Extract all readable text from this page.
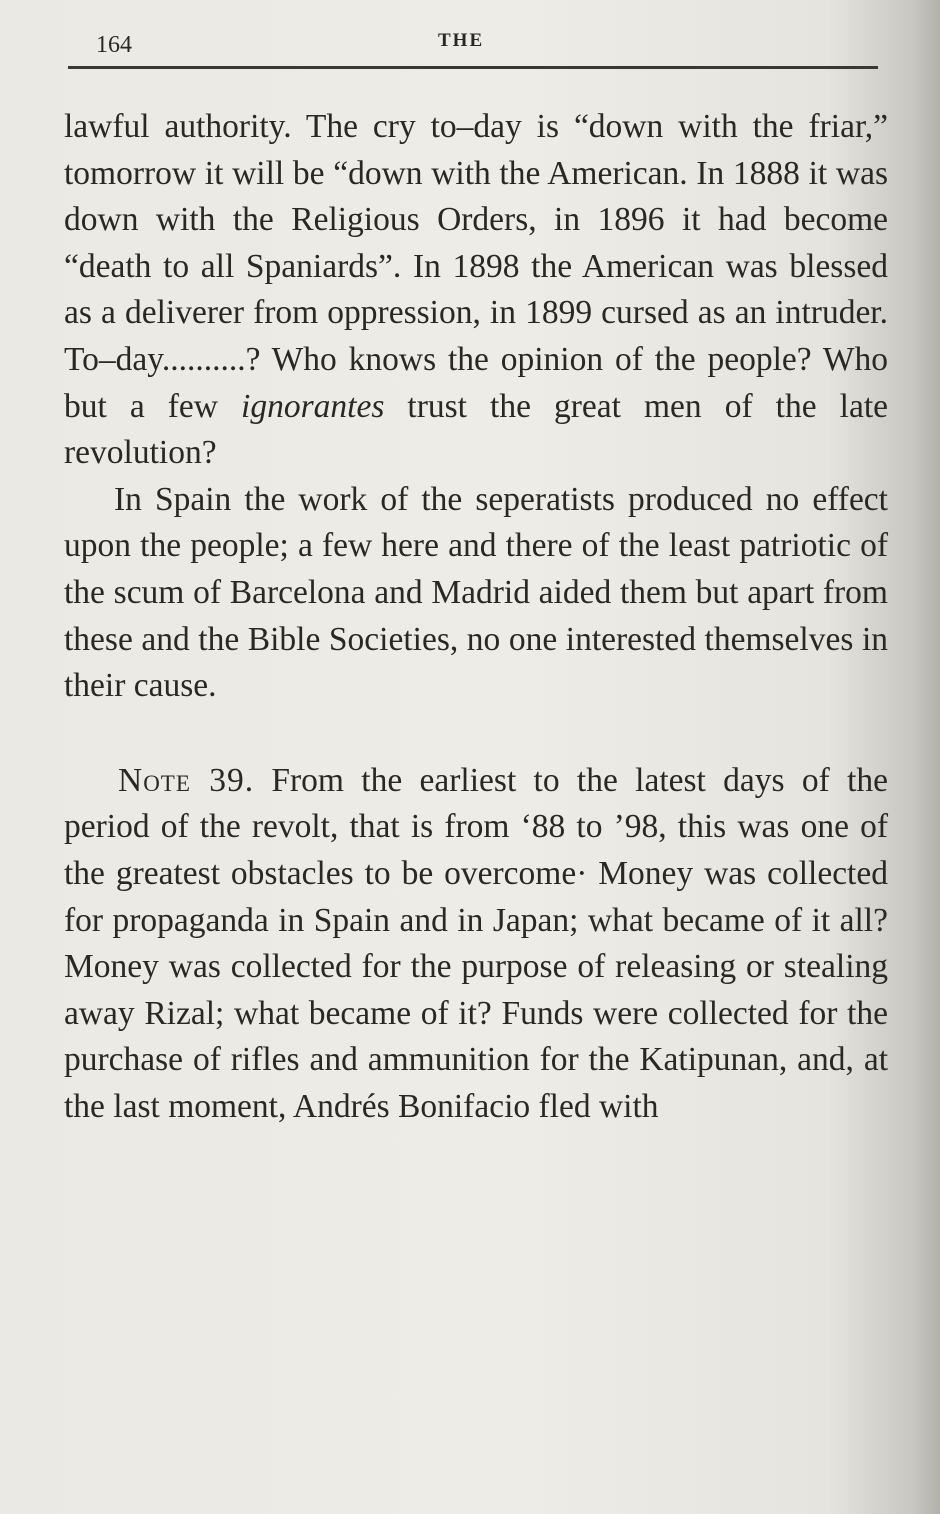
164	THE

lawful authority. The cry to–day is “down with the friar,” tomorrow it will be “down with the American. In 1888 it was down with the Religious Orders, in 1896 it had become “death to all Spaniards”. In 1898 the American was blessed as a deliverer from oppression, in 1899 cursed as an intruder. To–day..........? Who knows the opinion of the people? Who but a few ignorantes trust the great men of the late revolution?

In Spain the work of the seperatists produced no effect upon the people; a few here and there of the least patriotic of the scum of Barcelona and Madrid aided them but apart from these and the Bible Societies, no one interested themselves in their cause.

Note 39. From the earliest to the latest days of the period of the revolt, that is from ‘88 to ’98, this was one of the greatest obstacles to be overcome· Money was collected for propaganda in Spain and in Japan; what became of it all? Money was collected for the purpose of releasing or stealing away Rizal; what became of it? Funds were collected for the purchase of rifles and ammunition for the Katipunan, and, at the last moment, Andrés Bonifacio fled with
